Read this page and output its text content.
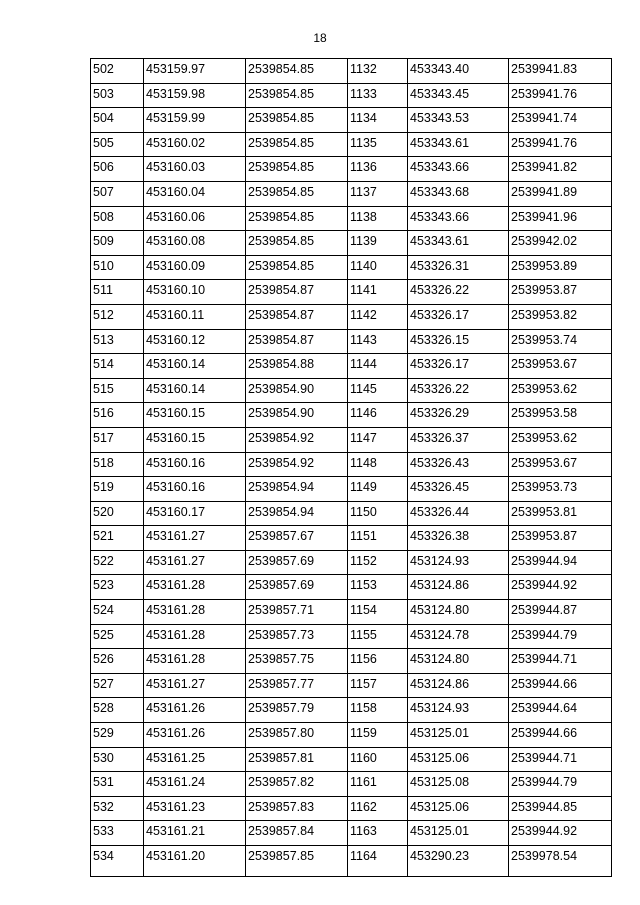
18
502	453159.97	2539854.85	1132	453343.40	2539941.83
503	453159.98	2539854.85	1133	453343.45	2539941.76
504	453159.99	2539854.85	1134	453343.53	2539941.74
505	453160.02	2539854.85	1135	453343.61	2539941.76
506	453160.03	2539854.85	1136	453343.66	2539941.82
507	453160.04	2539854.85	1137	453343.68	2539941.89
508	453160.06	2539854.85	1138	453343.66	2539941.96
509	453160.08	2539854.85	1139	453343.61	2539942.02
510	453160.09	2539854.85	1140	453326.31	2539953.89
511	453160.10	2539854.87	1141	453326.22	2539953.87
512	453160.11	2539854.87	1142	453326.17	2539953.82
513	453160.12	2539854.87	1143	453326.15	2539953.74
514	453160.14	2539854.88	1144	453326.17	2539953.67
515	453160.14	2539854.90	1145	453326.22	2539953.62
516	453160.15	2539854.90	1146	453326.29	2539953.58
517	453160.15	2539854.92	1147	453326.37	2539953.62
518	453160.16	2539854.92	1148	453326.43	2539953.67
519	453160.16	2539854.94	1149	453326.45	2539953.73
520	453160.17	2539854.94	1150	453326.44	2539953.81
521	453161.27	2539857.67	1151	453326.38	2539953.87
522	453161.27	2539857.69	1152	453124.93	2539944.94
523	453161.28	2539857.69	1153	453124.86	2539944.92
524	453161.28	2539857.71	1154	453124.80	2539944.87
525	453161.28	2539857.73	1155	453124.78	2539944.79
526	453161.28	2539857.75	1156	453124.80	2539944.71
527	453161.27	2539857.77	1157	453124.86	2539944.66
528	453161.26	2539857.79	1158	453124.93	2539944.64
529	453161.26	2539857.80	1159	453125.01	2539944.66
530	453161.25	2539857.81	1160	453125.06	2539944.71
531	453161.24	2539857.82	1161	453125.08	2539944.79
532	453161.23	2539857.83	1162	453125.06	2539944.85
533	453161.21	2539857.84	1163	453125.01	2539944.92
534	453161.20	2539857.85	1164	453290.23	2539978.54
